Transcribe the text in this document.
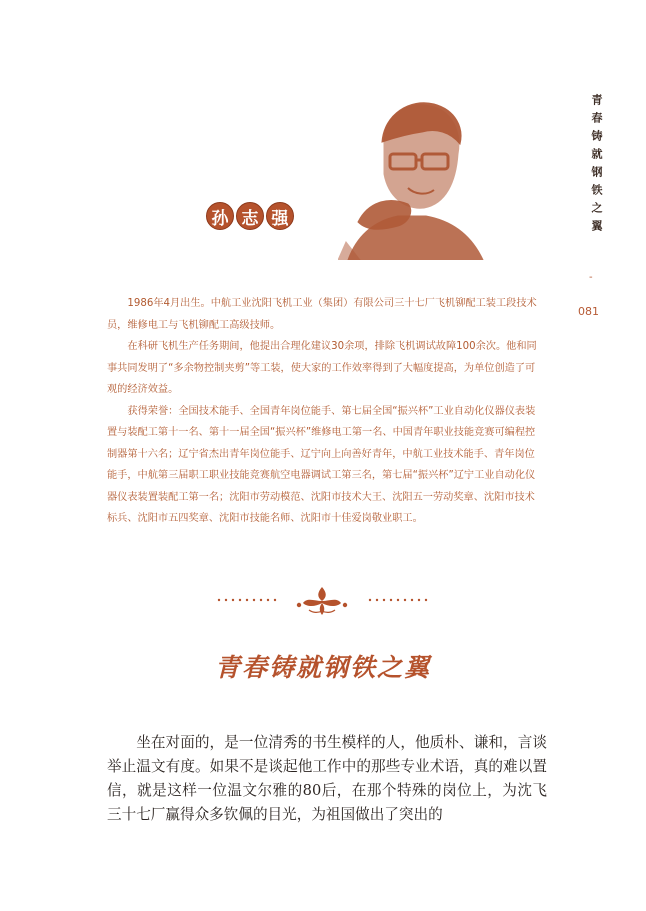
青春铸就钢铁之翼
-
081
孙 志 强

1986年4月出生。中航工业沈阳飞机工业（集团）有限公司三十七厂飞机铆配工装工段技术员，维修电工与飞机铆配工高级技师。

在科研飞机生产任务期间，他提出合理化建议30余项，排除飞机调试故障100余次。他和同事共同发明了“多余物控制夹剪”等工装，使大家的工作效率得到了大幅度提高，为单位创造了可观的经济效益。

获得荣誉：全国技术能手、全国青年岗位能手、第七届全国“振兴杯”工业自动化仪器仪表装置与装配工第十一名、第十一届全国“振兴杯”维修电工第一名、中国青年职业技能竞赛可编程控制器第十六名；辽宁省杰出青年岗位能手、辽宁向上向善好青年，中航工业技术能手、青年岗位能手，中航第三届职工职业技能竞赛航空电器调试工第三名，第七届“振兴杯”辽宁工业自动化仪器仪表装置装配工第一名；沈阳市劳动模范、沈阳市技术大王、沈阳五一劳动奖章、沈阳市技术标兵、沈阳市五四奖章、沈阳市技能名师、沈阳市十佳爱岗敬业职工。

青春铸就钢铁之翼

坐在对面的，是一位清秀的书生模样的人，他质朴、谦和，言谈举止温文有度。如果不是谈起他工作中的那些专业术语，真的难以置信，就是这样一位温文尔雅的80后，在那个特殊的岗位上，为沈飞三十七厂赢得众多钦佩的目光，为祖国做出了突出的
